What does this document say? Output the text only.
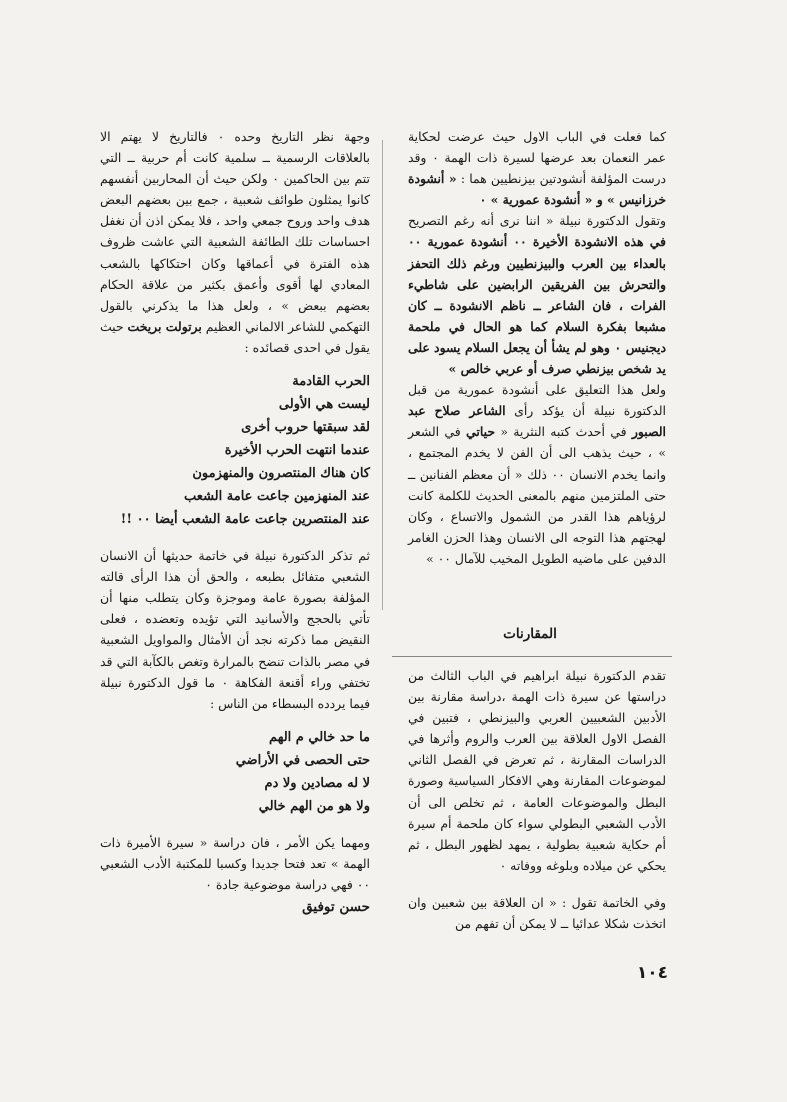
كما فعلت في الباب الاول حيث عرضت لحكاية عمر النعمان بعد عرضها لسيرة ذات الهمة ٠ وقد درست المؤلفة أنشودتين بيزنطيين هما : « أنشودة خرزانيس » و « أنشودة عمورية » ٠

وتقول الدكتورة نبيلة « اننا نرى أنه رغم التصريح في هذه الانشودة الأخيرة ٠٠ أنشودة عمورية ٠٠ بالعداء بين العرب والبيزنطيين ورغم ذلك التحفز والتحرش بين الفريقين الرابضين على شاطيء الفرات ، فان الشاعر ــ ناظم الانشودة ــ كان مشبعا بفكرة السلام كما هو الحال في ملحمة ديجنيس ٠ وهو لم يشأ أن يجعل السلام يسود على يد شخص بيزنطي صرف أو عربي خالص »

ولعل هذا التعليق على أنشودة عمورية من قبل الدكتورة نبيلة أن يؤكد رأى الشاعر صلاح عبد الصبور في أحدث كتبه النثرية « حياتي في الشعر » ، حيث يذهب الى أن الفن لا يخدم المجتمع ، وانما يخدم الانسان ٠٠ ذلك « أن معظم الفنانين ــ حتى الملتزمين منهم بالمعنى الحديث للكلمة كانت لرؤياهم هذا القدر من الشمول والاتساع ، وكان لهجتهم هذا التوجه الى الانسان وهذا الحزن الغامر الدفين على ماضيه الطويل المخيب للآمال ٠٠ »

المقارنات

تقدم الدكتورة نبيلة ابراهيم في الباب الثالث من دراستها عن سيرة ذات الهمة ،دراسة مقارنة بين الأدبين الشعبيين العربي والبيزنطي ، فتبين في الفصل الاول العلاقة بين العرب والروم وأثرها في الدراسات المقارنة ، ثم تعرض في الفصل الثاني لموضوعات المقارنة وهي الافكار السياسية وصورة البطل والموضوعات العامة ، ثم تخلص الى أن الأدب الشعبي البطولي سواء كان ملحمة أم سيرة أم حكاية شعبية بطولية ، يمهد لظهور البطل ، ثم يحكي عن ميلاده وبلوغه ووفاته ٠

وفي الخاتمة تقول : « ان العلاقة بين شعبين وان اتخذت شكلا عدائيا ــ لا يمكن أن تفهم من

وجهة نظر التاريخ وحده ٠ فالتاريخ لا يهتم الا بالعلاقات الرسمية ــ سلمية كانت أم حربية ــ التي تتم بين الحاكمين ٠ ولكن حيث أن المحاربين أنفسهم كانوا يمثلون طوائف شعبية ، جمع بين بعضهم البعض هدف واحد وروح جمعي واحد ، فلا يمكن اذن أن نغفل احساسات تلك الطائفة الشعبية التي عاشت ظروف هذه الفترة في أعماقها وكان احتكاكها بالشعب المعادي لها أقوى وأعمق بكثير من علاقة الحكام بعضهم ببعض » ، ولعل هذا ما يذكرني بالقول التهكمي للشاعر الالماني العظيم برتولت بريخت حيث يقول في احدى قصائده :

الحرب القادمة

ليست هي الأولى

لقد سبقتها حروب أخرى

عندما انتهت الحرب الأخيرة

كان هناك المنتصرون والمنهزمون

عند المنهزمين جاعت عامة الشعب

عند المنتصرين جاعت عامة الشعب أيضا ٠٠ !!

ثم تذكر الدكتورة نبيلة في خاتمة حديثها أن الانسان الشعبي متفائل بطبعه ، والحق أن هذا الرأى قالته المؤلفة بصورة عامة وموجزة وكان يتطلب منها أن تأتي بالحجج والأسانيد التي تؤيده وتعضده ، فعلى النقيض مما ذكرته نجد أن الأمثال والمواويل الشعبية في مصر بالذات تنضح بالمرارة وتغص بالكآبة التي قد تختفي وراء أقنعة الفكاهة ٠ ما قول الدكتورة نبيلة فيما يردده البسطاء من الناس :

ما حد خالي م الهم

حتى الحصى في الأراضي

لا له مصادين ولا دم

ولا هو من الهم خالي

ومهما يكن الأمر ، فان دراسة « سيرة الأميرة ذات الهمة » تعد فتحا جديدا وكسبا للمكتبة الأدب الشعبي ٠٠ فهي دراسة موضوعية جادة ٠

حسن توفيق
١٠٤
